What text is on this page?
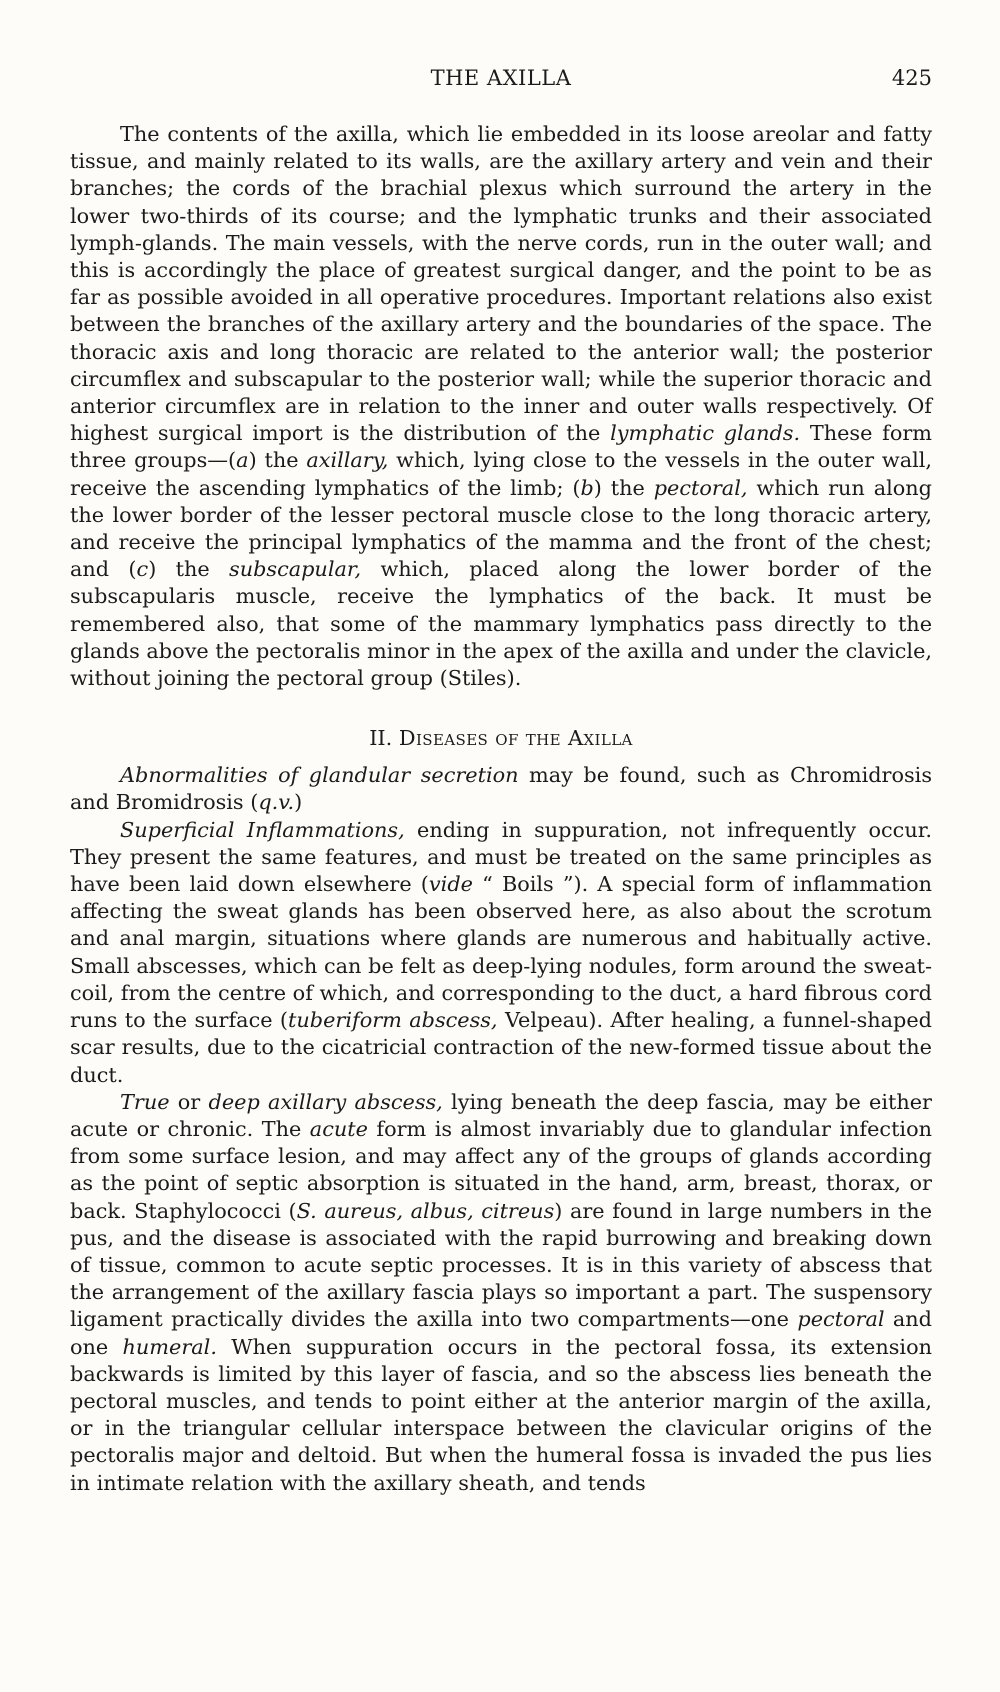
THE AXILLA	425

The contents of the axilla, which lie embedded in its loose areolar and fatty tissue, and mainly related to its walls, are the axillary artery and vein and their branches; the cords of the brachial plexus which surround the artery in the lower two-thirds of its course; and the lymphatic trunks and their associated lymph-glands. The main vessels, with the nerve cords, run in the outer wall; and this is accordingly the place of greatest surgical danger, and the point to be as far as possible avoided in all operative procedures. Important relations also exist between the branches of the axillary artery and the boundaries of the space. The thoracic axis and long thoracic are related to the anterior wall; the posterior circumflex and subscapular to the posterior wall; while the superior thoracic and anterior circumflex are in relation to the inner and outer walls respectively. Of highest surgical import is the distribution of the lymphatic glands. These form three groups—(a) the axillary, which, lying close to the vessels in the outer wall, receive the ascending lymphatics of the limb; (b) the pectoral, which run along the lower border of the lesser pectoral muscle close to the long thoracic artery, and receive the principal lymphatics of the mamma and the front of the chest; and (c) the subscapular, which, placed along the lower border of the subscapularis muscle, receive the lymphatics of the back. It must be remembered also, that some of the mammary lymphatics pass directly to the glands above the pectoralis minor in the apex of the axilla and under the clavicle, without joining the pectoral group (Stiles).

II. Diseases of the Axilla

Abnormalities of glandular secretion may be found, such as Chromidrosis and Bromidrosis (q.v.)

Superficial Inflammations, ending in suppuration, not infrequently occur. They present the same features, and must be treated on the same principles as have been laid down elsewhere (vide “ Boils ”). A special form of inflammation affecting the sweat glands has been observed here, as also about the scrotum and anal margin, situations where glands are numerous and habitually active. Small abscesses, which can be felt as deep-lying nodules, form around the sweat-coil, from the centre of which, and corresponding to the duct, a hard fibrous cord runs to the surface (tuberiform abscess, Velpeau). After healing, a funnel-shaped scar results, due to the cicatricial contraction of the new-formed tissue about the duct.

True or deep axillary abscess, lying beneath the deep fascia, may be either acute or chronic. The acute form is almost invariably due to glandular infection from some surface lesion, and may affect any of the groups of glands according as the point of septic absorption is situated in the hand, arm, breast, thorax, or back. Staphylococci (S. aureus, albus, citreus) are found in large numbers in the pus, and the disease is associated with the rapid burrowing and breaking down of tissue, common to acute septic processes. It is in this variety of abscess that the arrangement of the axillary fascia plays so important a part. The suspensory ligament practically divides the axilla into two compartments—one pectoral and one humeral. When suppuration occurs in the pectoral fossa, its extension backwards is limited by this layer of fascia, and so the abscess lies beneath the pectoral muscles, and tends to point either at the anterior margin of the axilla, or in the triangular cellular interspace between the clavicular origins of the pectoralis major and deltoid. But when the humeral fossa is invaded the pus lies in intimate relation with the axillary sheath, and tends
